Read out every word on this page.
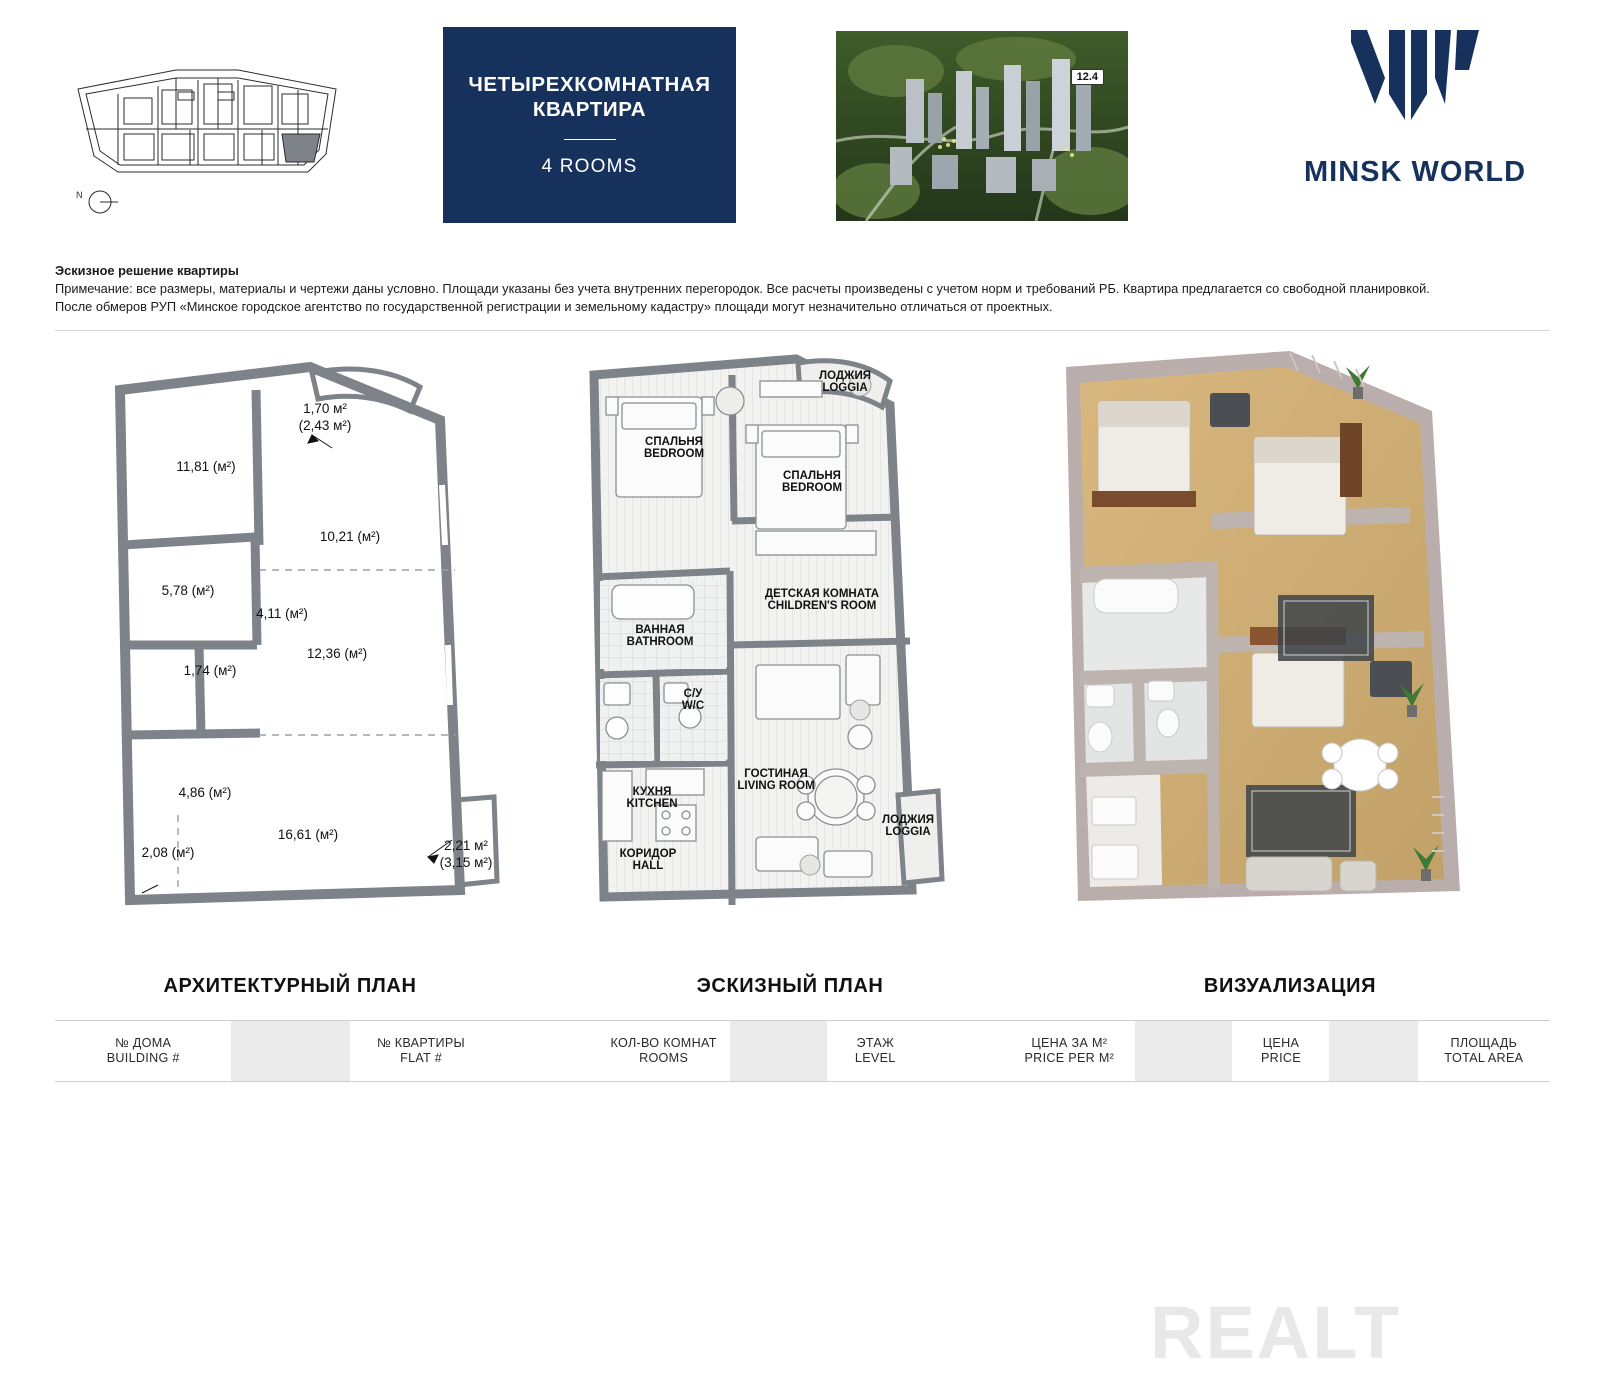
N
ЧЕТЫРЕХКОМНАТНАЯ
КВАРТИРА
4 ROOMS
12.4
MINSK WORLD
Эскизное решение квартиры
Примечание: все размеры, материалы и чертежи даны условно. Площади указаны без учета внутренних перегородок. Все расчеты произведены с учетом норм и требований РБ. Квартира предлагается со свободной планировкой.
После обмеров РУП «Минское городское агентство по государственной регистрации и земельному кадастру» площади могут незначительно отличаться от проектных.
11,81 (м²)
10,21 (м²)
5,78 (м²)
4,11 (м²)
1,74 (м²)
12,36 (м²)
4,86 (м²)
16,61 (м²)
2,08 (м²)
1,70 м²
(2,43 м²)
2,21 м²
(3,15 м²)
ЛОДЖИЯ
LOGGIA
СПАЛЬНЯ
BEDROOM
СПАЛЬНЯ
BEDROOM
ВАННАЯ
BATHROOM
С/У
W/C
ДЕТСКАЯ КОМНАТА
CHILDREN'S ROOM
КУХНЯ
KITCHEN
ГОСТИНАЯ
LIVING ROOM
КОРИДОР
HALL
ЛОДЖИЯ
LOGGIA
REALT
АРХИТЕКТУРНЫЙ ПЛАН	ЭСКИЗНЫЙ ПЛАН	ВИЗУАЛИЗАЦИЯ
№ ДОМА
BUILDING #
№ КВАРТИРЫ
FLAT #
КОЛ-ВО КОМНАТ
ROOMS
ЭТАЖ
LEVEL
ЦЕНА ЗА М²
PRICE PER M²
ЦЕНА
PRICE
ПЛОЩАДЬ
TOTAL AREA
